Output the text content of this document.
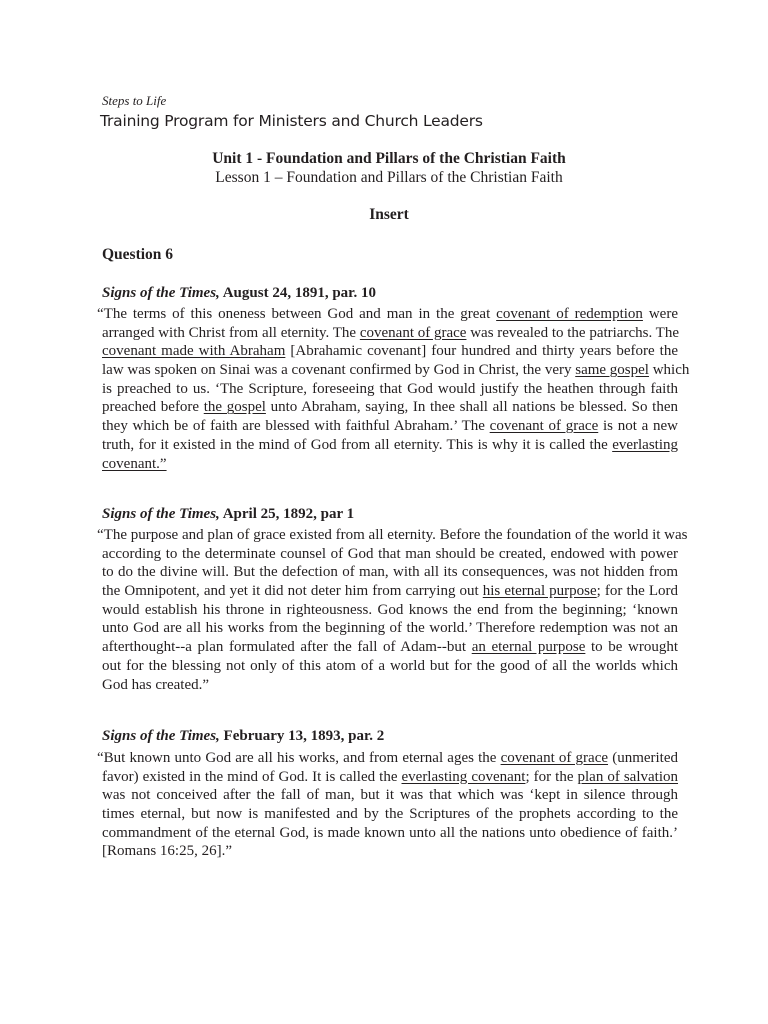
Steps to Life
Training Program for Ministers and Church Leaders
Unit 1 - Foundation and Pillars of the Christian Faith
Lesson 1 – Foundation and Pillars of the Christian Faith
Insert
Question 6
Signs of the Times, August 24, 1891, par. 10
“The terms of this oneness between God and man in the great covenant of redemption were
arranged with Christ from all eternity. The covenant of grace was revealed to the patriarchs. The
covenant made with Abraham [Abrahamic covenant] four hundred and thirty years before the
law was spoken on Sinai was a covenant confirmed by God in Christ, the very same gospel which
is preached to us. ‘The Scripture, foreseeing that God would justify the heathen through faith
preached before the gospel unto Abraham, saying, In thee shall all nations be blessed. So then
they which be of faith are blessed with faithful Abraham.’ The covenant of grace is not a new
truth, for it existed in the mind of God from all eternity. This is why it is called the everlasting
covenant.”
Signs of the Times, April 25, 1892, par 1
“The purpose and plan of grace existed from all eternity. Before the foundation of the world it was
according to the determinate counsel of God that man should be created, endowed with power
to do the divine will. But the defection of man, with all its consequences, was not hidden from
the Omnipotent, and yet it did not deter him from carrying out his eternal purpose; for the Lord
would establish his throne in righteousness. God knows the end from the beginning; ‘known
unto God are all his works from the beginning of the world.’ Therefore redemption was not an
afterthought--a plan formulated after the fall of Adam--but an eternal purpose to be wrought
out for the blessing not only of this atom of a world but for the good of all the worlds which
God has created.”
Signs of the Times, February 13, 1893, par. 2
“But known unto God are all his works, and from eternal ages the covenant of grace (unmerited
favor) existed in the mind of God. It is called the everlasting covenant; for the plan of salvation
was not conceived after the fall of man, but it was that which was ‘kept in silence through
times eternal, but now is manifested and by the Scriptures of the prophets according to the
commandment of the eternal God, is made known unto all the nations unto obedience of faith.’
[Romans 16:25, 26].”
